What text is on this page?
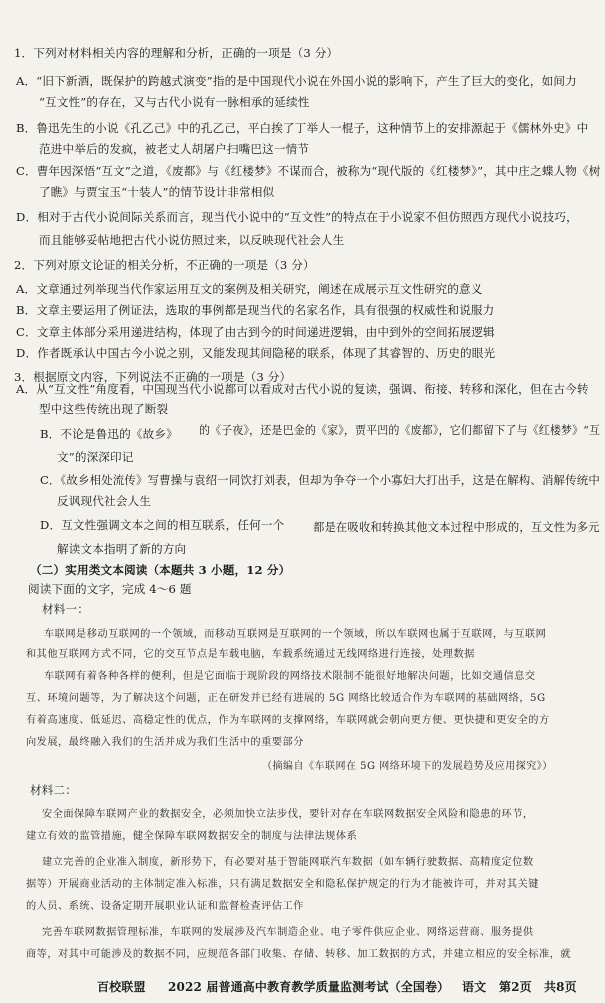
1．下列对材料相关内容的理解和分析，正确的一项是（3 分）
A．“旧下新酒，既保护的跨越式演变”指的是中国现代小说在外国小说的影响下，产生了巨大的变化，如间力
“互文性”的存在，又与古代小说有一脉相承的延续性
B．鲁迅先生的小说《孔乙己》中的孔乙己，平白挨了丁举人一棍子，这种情节上的安排源起于《儒林外史》中
范进中举后的发疯，被老丈人胡屠户扫嘴巴这一情节
C．曹年因深悟“互文”之道，《废都》与《红楼梦》不谋而合，被称为“现代版的《红楼梦》”，其中庄之蝶人物《树
了瞧》与贾宝玉“十装人”的情节设计非常相似
D．相对于古代小说间际关系而言，现当代小说中的“互文性”的特点在于小说家不但仿照西方现代小说技巧，
而且能够妥帖地把古代小说仿照过来，以反映现代社会人生
2．下列对原文论证的相关分析，不正确的一项是（3 分）
A．文章通过列举现当代作家运用互文的案例及相关研究，阐述在成展示互文性研究的意义
B．文章主要运用了例证法，选取的事例都是现当代的名家名作，具有很强的权威性和说服力
C．文章主体部分采用递进结构，体现了由古到今的时间递进逻辑，由中到外的空间拓展逻辑
D．作者既承认中国古今小说之别，又能发现其间隐秘的联系，体现了其睿智的、历史的眼光
3．根据原文内容，下列说法不正确的一项是（3 分）
A．从“互文性”角度看，中国现当代小说都可以看成对古代小说的复读，强调、衔接、转移和深化，但在古今转
型中这些传统出现了断裂
B．不论是鲁迅的《故乡》 的《子夜》，还是巴金的《家》，贾平凹的《废都》，它们都留下了与《红楼梦》“互
文”的深深印记
C．《故乡相处流传》写曹操与袁绍一同饮打刘表，但却为争夺一个小寡妇大打出手，这是在解构、消解传统中
反讽现代社会人生
D．互文性强调文本之间的相互联系，任何一个 都是在吸收和转换其他文本过程中形成的，互文性为多元
解读文本指明了新的方向
（二）实用类文本阅读（本题共 3 小题，12 分）
阅读下面的文字，完成 4～6 题
材料一：
车联网是移动互联网的一个领域，而移动互联网是互联网的一个领域，所以车联网也属于互联网，与互联网
和其他互联网方式不同，它的交互节点是车载电脑，车载系统通过无线网络进行连接，处理数据
车联网有着各种各样的便利，但是它面临于现阶段的网络技术限制不能很好地解决问题，比如交通信息交
互、环境问题等，为了解决这个问题，正在研发并已经有进展的 5G 网络比较适合作为车联网的基础网络，5G
有着高速度、低延迟、高稳定性的优点，作为车联网的支撑网络，车联网就会朝向更方便、更快捷和更安全的方
向发展，最终融入我们的生活并成为我们生活中的重要部分
（摘编自《车联网在 5G 网络环境下的发展趋势及应用探究》）
材料二：
安全面保障车联网产业的数据安全，必须加快立法步伐，要针对存在车联网数据安全风险和隐患的环节，
建立有效的监管措施，健全保障车联网数据安全的制度与法律法规体系
建立完善的企业准入制度，新形势下，有必要对基于智能网联汽车数据（如车辆行驶数据、高精度定位数
据等）开展商业活动的主体制定准入标准，只有满足数据安全和隐私保护规定的行为才能被许可，并对其关键
的人员、系统、设备定期开展职业认证和监督检查评估工作
完善车联网数据管理标准，车联网的发展涉及汽车制造企业、电子零件供应企业、网络运营商、服务提供
商等，对其中可能涉及的数据不同，应规范各部门收集、存储、转移、加工数据的方式，并建立相应的安全标准，就
百校联盟 2022 届普通高中教育教学质量监测考试（全国卷） 语文 第2页 共8页
